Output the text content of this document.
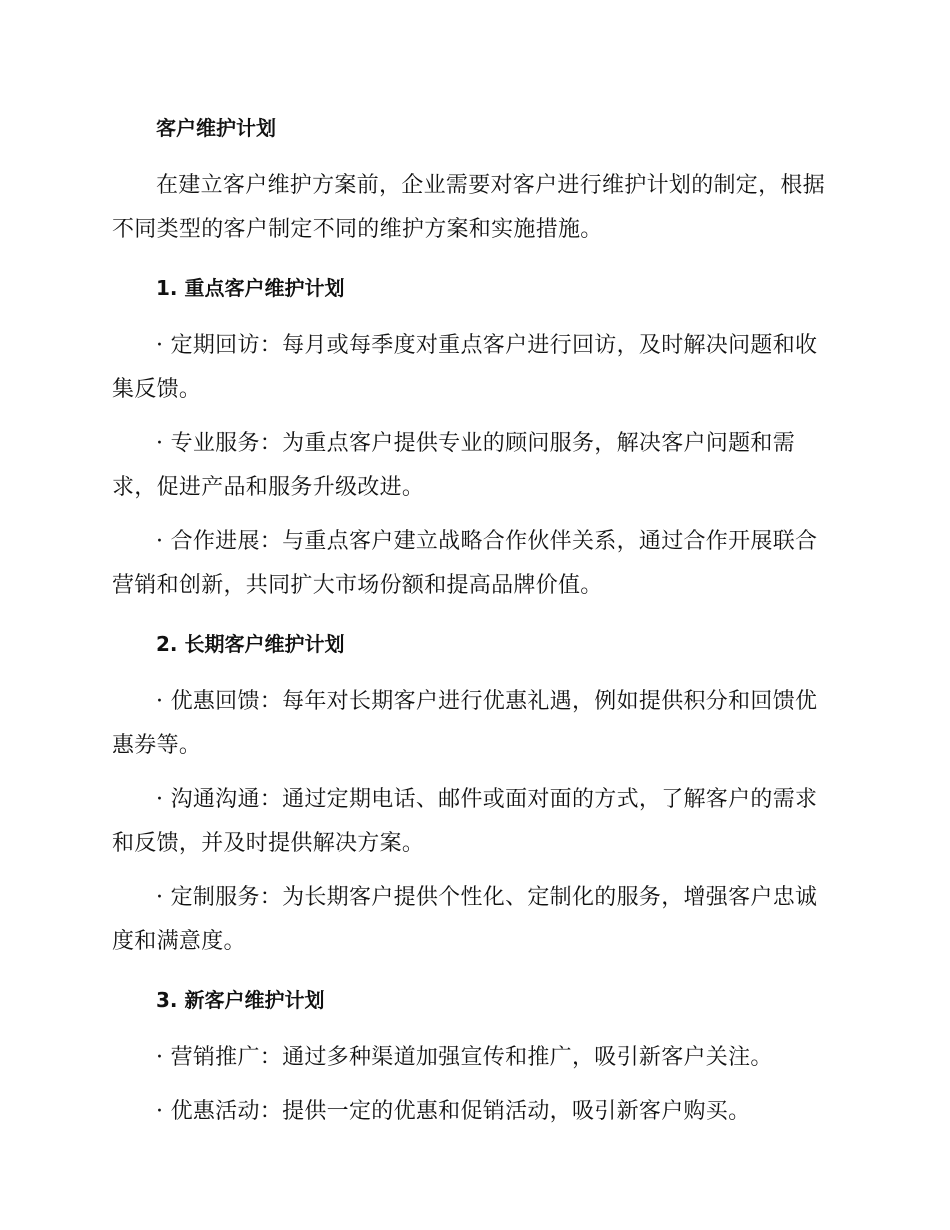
客户维护计划

在建立客户维护方案前，企业需要对客户进行维护计划的制定，根据不同类型的客户制定不同的维护方案和实施措施。

1. 重点客户维护计划

· 定期回访：每月或每季度对重点客户进行回访，及时解决问题和收集反馈。

· 专业服务：为重点客户提供专业的顾问服务，解决客户问题和需求，促进产品和服务升级改进。

· 合作进展：与重点客户建立战略合作伙伴关系，通过合作开展联合营销和创新，共同扩大市场份额和提高品牌价值。

2. 长期客户维护计划

· 优惠回馈：每年对长期客户进行优惠礼遇，例如提供积分和回馈优惠券等。

· 沟通沟通：通过定期电话、邮件或面对面的方式，了解客户的需求和反馈，并及时提供解决方案。

· 定制服务：为长期客户提供个性化、定制化的服务，增强客户忠诚度和满意度。

3. 新客户维护计划

· 营销推广：通过多种渠道加强宣传和推广，吸引新客户关注。

· 优惠活动：提供一定的优惠和促销活动，吸引新客户购买。
